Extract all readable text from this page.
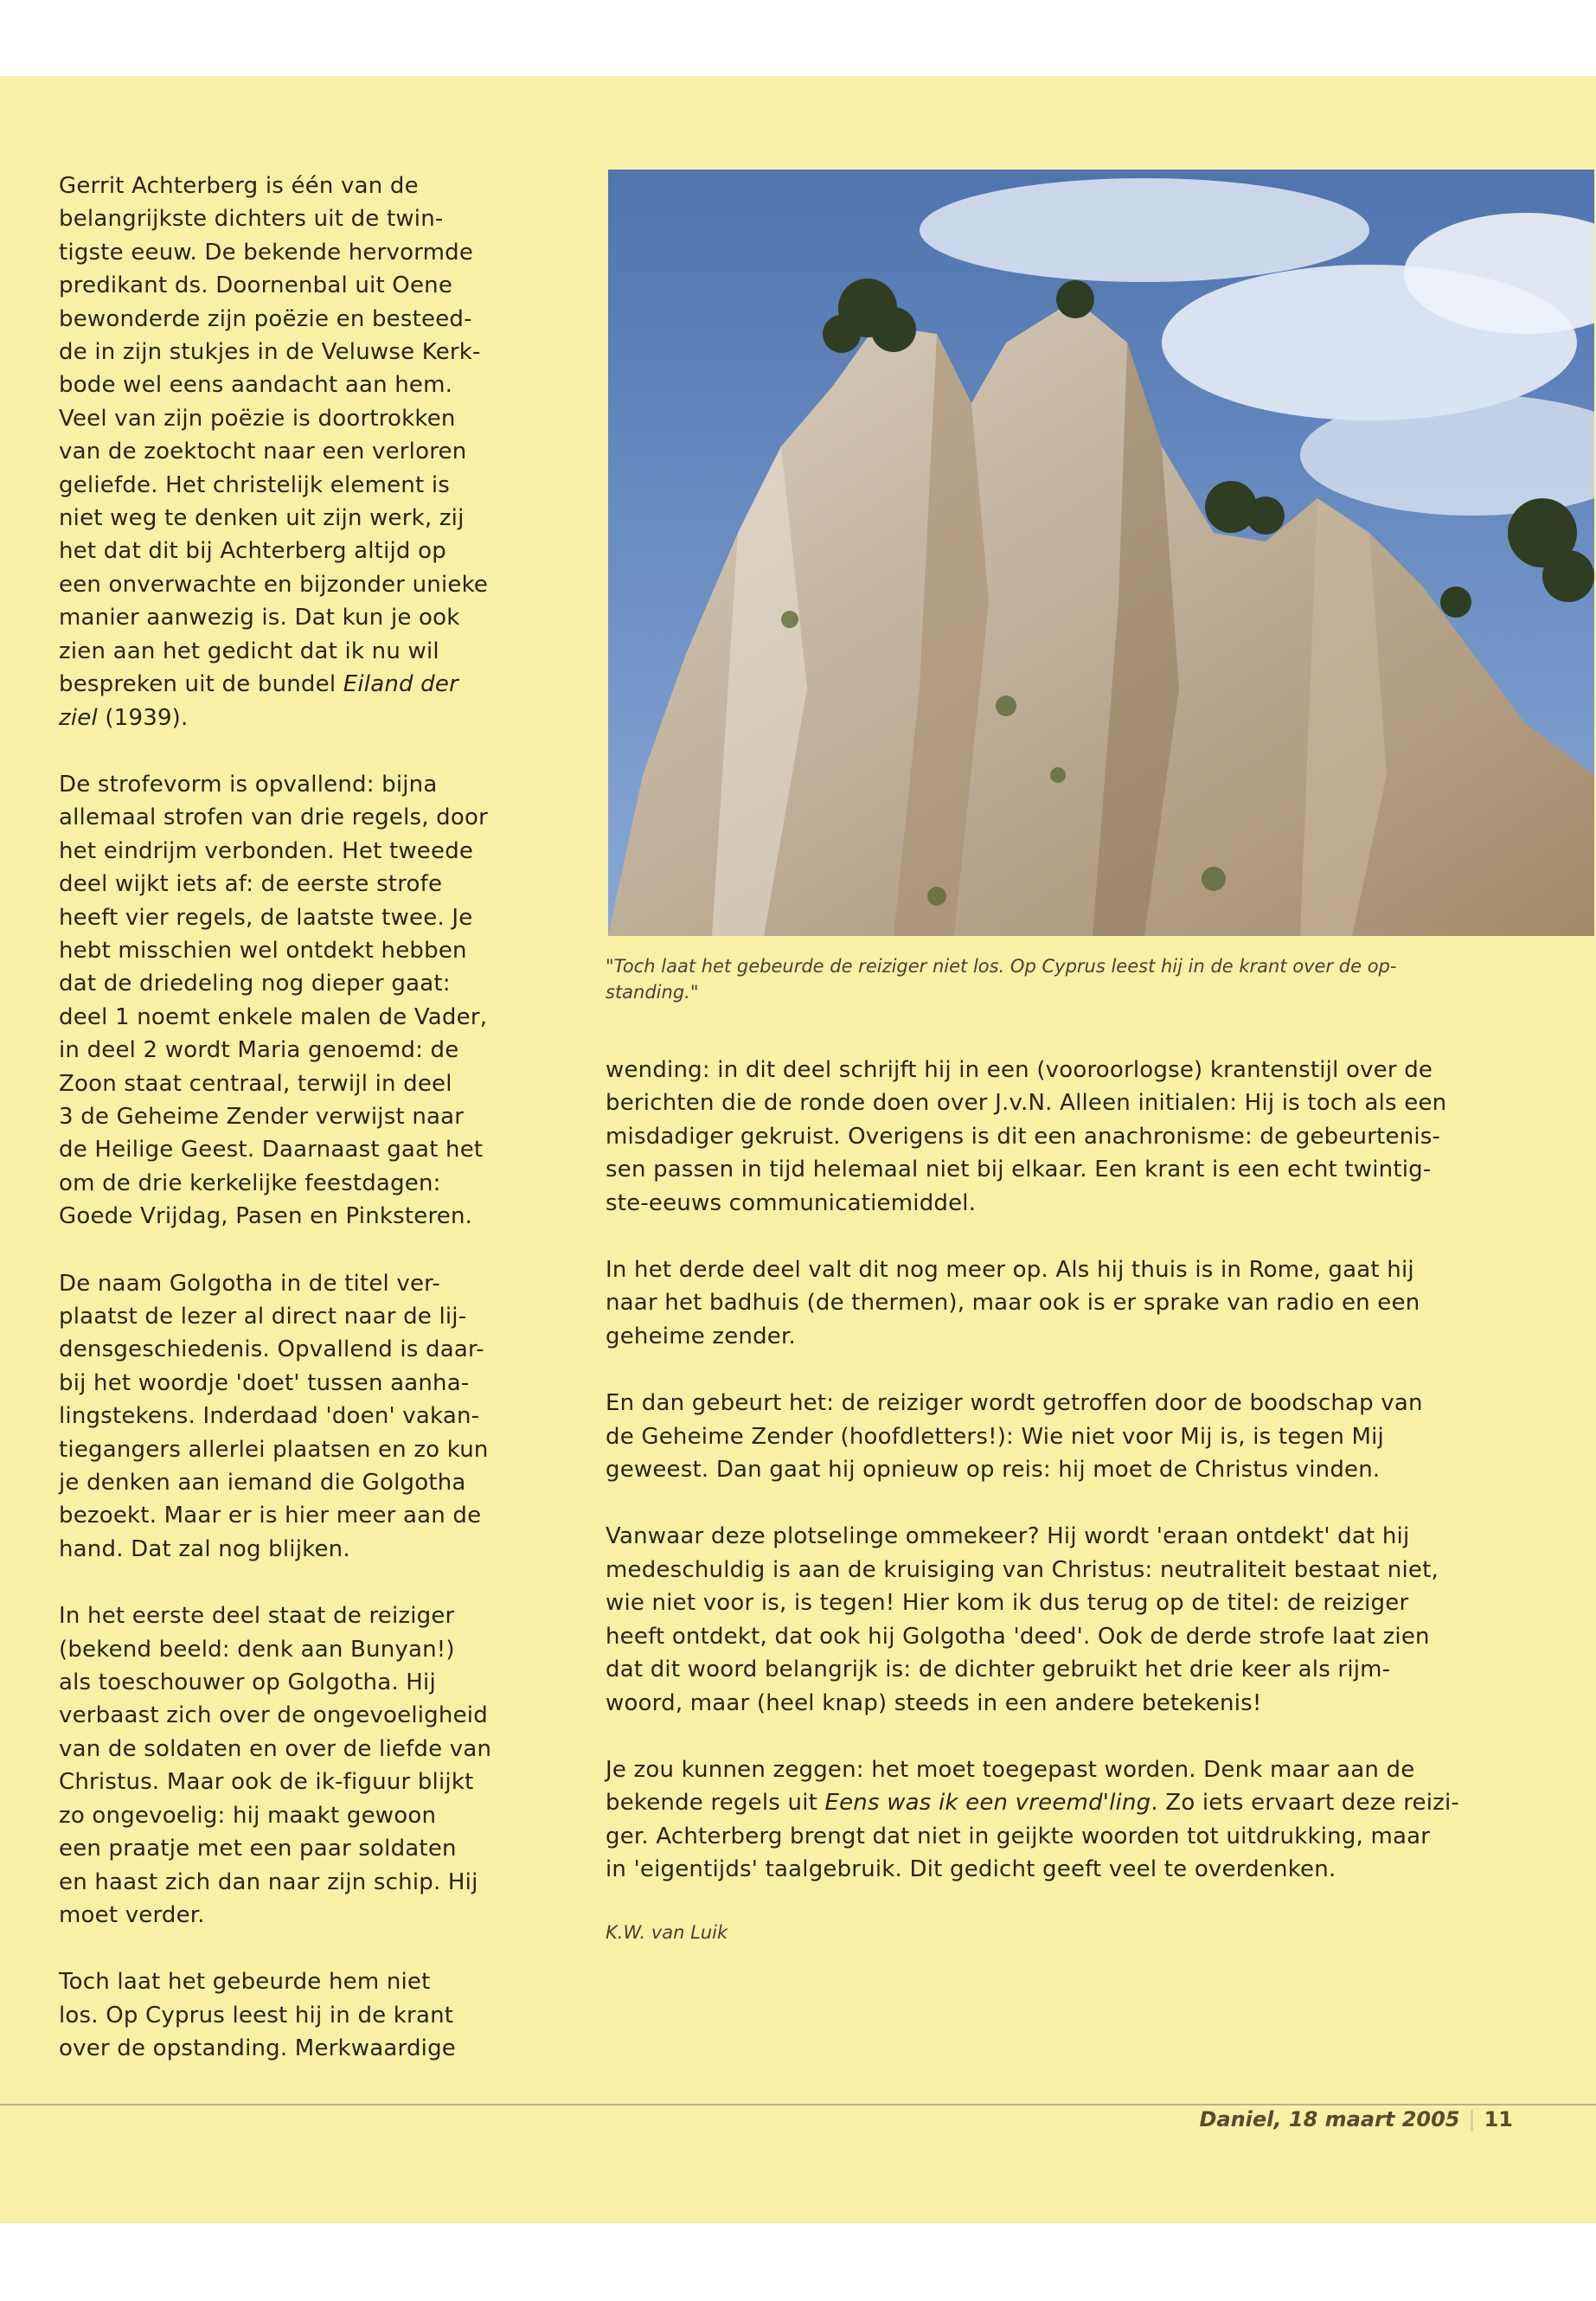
Gerrit Achterberg is één van de
belangrijkste dichters uit de twin-
tigste eeuw. De bekende hervormde
predikant ds. Doornenbal uit Oene
bewonderde zijn poëzie en besteed-
de in zijn stukjes in de Veluwse Kerk-
bode wel eens aandacht aan hem.
Veel van zijn poëzie is doortrokken
van de zoektocht naar een verloren
geliefde. Het christelijk element is
niet weg te denken uit zijn werk, zij
het dat dit bij Achterberg altijd op
een onverwachte en bijzonder unieke
manier aanwezig is. Dat kun je ook
zien aan het gedicht dat ik nu wil
bespreken uit de bundel Eiland der
ziel (1939).

De strofevorm is opvallend: bijna
allemaal strofen van drie regels, door
het eindrijm verbonden. Het tweede
deel wijkt iets af: de eerste strofe
heeft vier regels, de laatste twee. Je
hebt misschien wel ontdekt hebben
dat de driedeling nog dieper gaat:
deel 1 noemt enkele malen de Vader,
in deel 2 wordt Maria genoemd: de
Zoon staat centraal, terwijl in deel
3 de Geheime Zender verwijst naar
de Heilige Geest. Daarnaast gaat het
om de drie kerkelijke feestdagen:
Goede Vrijdag, Pasen en Pinksteren.

De naam Golgotha in de titel ver-
plaatst de lezer al direct naar de lij-
densgeschiedenis. Opvallend is daar-
bij het woordje 'doet' tussen aanha-
lingstekens. Inderdaad 'doen' vakan-
tiegangers allerlei plaatsen en zo kun
je denken aan iemand die Golgotha
bezoekt. Maar er is hier meer aan de
hand. Dat zal nog blijken.

In het eerste deel staat de reiziger
(bekend beeld: denk aan Bunyan!)
als toeschouwer op Golgotha. Hij
verbaast zich over de ongevoeligheid
van de soldaten en over de liefde van
Christus. Maar ook de ik-figuur blijkt
zo ongevoelig: hij maakt gewoon
een praatje met een paar soldaten
en haast zich dan naar zijn schip. Hij
moet verder.

Toch laat het gebeurde hem niet
los. Op Cyprus leest hij in de krant
over de opstanding. Merkwaardige

"Toch laat het gebeurde de reiziger niet los. Op Cyprus leest hij in de krant over de op-
standing."

wending: in dit deel schrijft hij in een (vooroorlogse) krantenstijl over de
berichten die de ronde doen over J.v.N. Alleen initialen: Hij is toch als een
misdadiger gekruist. Overigens is dit een anachronisme: de gebeurtenis-
sen passen in tijd helemaal niet bij elkaar. Een krant is een echt twintig-
ste-eeuws communicatiemiddel.

In het derde deel valt dit nog meer op. Als hij thuis is in Rome, gaat hij
naar het badhuis (de thermen), maar ook is er sprake van radio en een
geheime zender.

En dan gebeurt het: de reiziger wordt getroffen door de boodschap van
de Geheime Zender (hoofdletters!): Wie niet voor Mij is, is tegen Mij
geweest. Dan gaat hij opnieuw op reis: hij moet de Christus vinden.

Vanwaar deze plotselinge ommekeer? Hij wordt 'eraan ontdekt' dat hij
medeschuldig is aan de kruisiging van Christus: neutraliteit bestaat niet,
wie niet voor is, is tegen! Hier kom ik dus terug op de titel: de reiziger
heeft ontdekt, dat ook hij Golgotha 'deed'. Ook de derde strofe laat zien
dat dit woord belangrijk is: de dichter gebruikt het drie keer als rijm-
woord, maar (heel knap) steeds in een andere betekenis!

Je zou kunnen zeggen: het moet toegepast worden. Denk maar aan de
bekende regels uit Eens was ik een vreemd'ling. Zo iets ervaart deze reizi-
ger. Achterberg brengt dat niet in geijkte woorden tot uitdrukking, maar
in 'eigentijds' taalgebruik. Dit gedicht geeft veel te overdenken.

K.W. van Luik
Daniel, 18 maart 2005 | 11
